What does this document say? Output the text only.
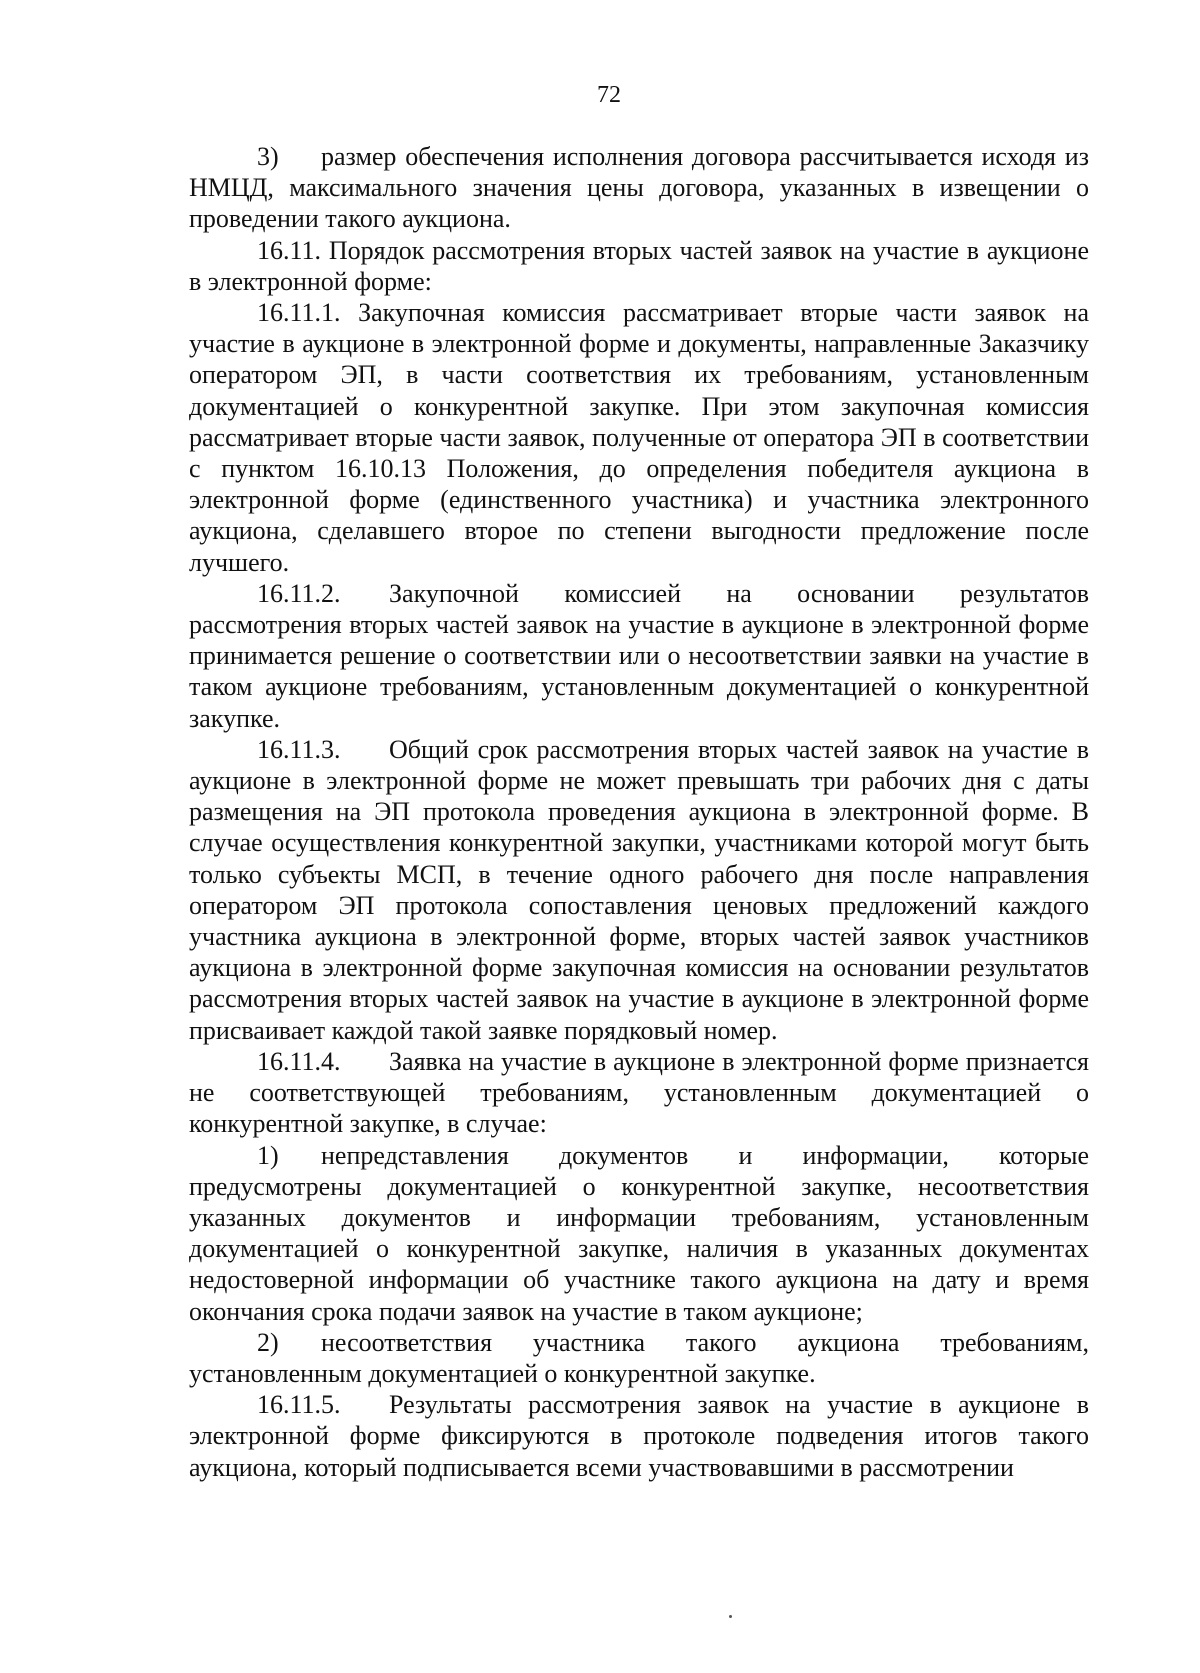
72

3) размер обеспечения исполнения договора рассчитывается исходя из НМЦД, максимального значения цены договора, указанных в извещении о проведении такого аукциона.

16.11. Порядок рассмотрения вторых частей заявок на участие в аукционе в электронной форме:

16.11.1. Закупочная комиссия рассматривает вторые части заявок на участие в аукционе в электронной форме и документы, направленные Заказчику оператором ЭП, в части соответствия их требованиям, установленным документацией о конкурентной закупке. При этом закупочная комиссия рассматривает вторые части заявок, полученные от оператора ЭП в соответствии с пунктом 16.10.13 Положения, до определения победителя аукциона в электронной форме (единственного участника) и участника электронного аукциона, сделавшего второе по степени выгодности предложение после лучшего.

16.11.2. Закупочной комиссией на основании результатов рассмотрения вторых частей заявок на участие в аукционе в электронной форме принимается решение о соответствии или о несоответствии заявки на участие в таком аукционе требованиям, установленным документацией о конкурентной закупке.

16.11.3. Общий срок рассмотрения вторых частей заявок на участие в аукционе в электронной форме не может превышать три рабочих дня с даты размещения на ЭП протокола проведения аукциона в электронной форме. В случае осуществления конкурентной закупки, участниками которой могут быть только субъекты МСП, в течение одного рабочего дня после направления оператором ЭП протокола сопоставления ценовых предложений каждого участника аукциона в электронной форме, вторых частей заявок участников аукциона в электронной форме закупочная комиссия на основании результатов рассмотрения вторых частей заявок на участие в аукционе в электронной форме присваивает каждой такой заявке порядковый номер.

16.11.4. Заявка на участие в аукционе в электронной форме признается не соответствующей требованиям, установленным документацией о конкурентной закупке, в случае:

1) непредставления документов и информации, которые предусмотрены документацией о конкурентной закупке, несоответствия указанных документов и информации требованиям, установленным документацией о конкурентной закупке, наличия в указанных документах недостоверной информации об участнике такого аукциона на дату и время окончания срока подачи заявок на участие в таком аукционе;

2) несоответствия участника такого аукциона требованиям, установленным документацией о конкурентной закупке.

16.11.5. Результаты рассмотрения заявок на участие в аукционе в электронной форме фиксируются в протоколе подведения итогов такого аукциона, который подписывается всеми участвовавшими в рассмотрении
